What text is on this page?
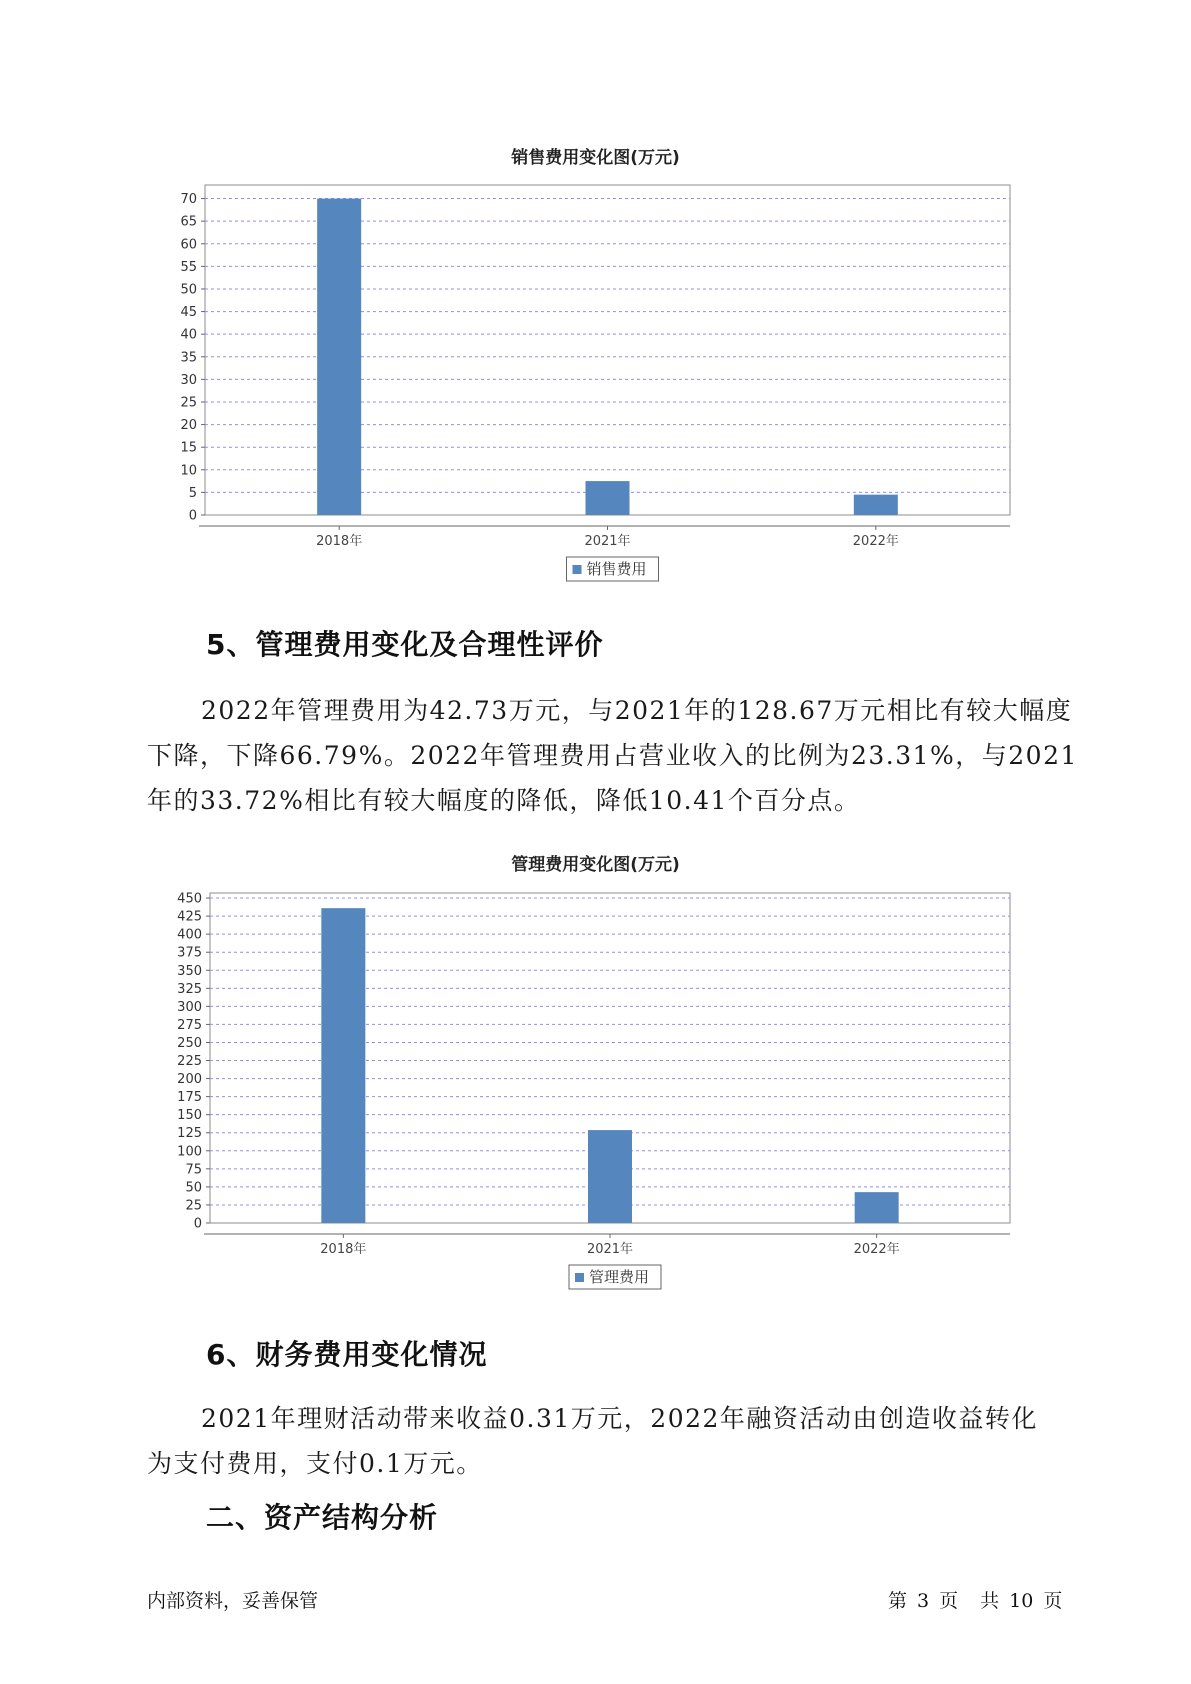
销售费用变化图(万元)
0
5
10
15
20
25
30
35
40
45
50
55
60
65
70
2018年	2021年	2022年
销售费用
5、管理费用变化及合理性评价
2022年管理费用为42.73万元，与2021年的128.67万元相比有较大幅度
下降，下降66.79%。2022年管理费用占营业收入的比例为23.31%，与2021
年的33.72%相比有较大幅度的降低，降低10.41个百分点。
管理费用变化图(万元)
0
25
50
75
100
125
150
175
200
225
250
275
300
325
350
375
400
425
450
2018年	2021年	2022年
管理费用
6、财务费用变化情况
2021年理财活动带来收益0.31万元，2022年融资活动由创造收益转化
为支付费用，支付0.1万元。
二、资产结构分析
内部资料，妥善保管	第 3 页 共 10 页
